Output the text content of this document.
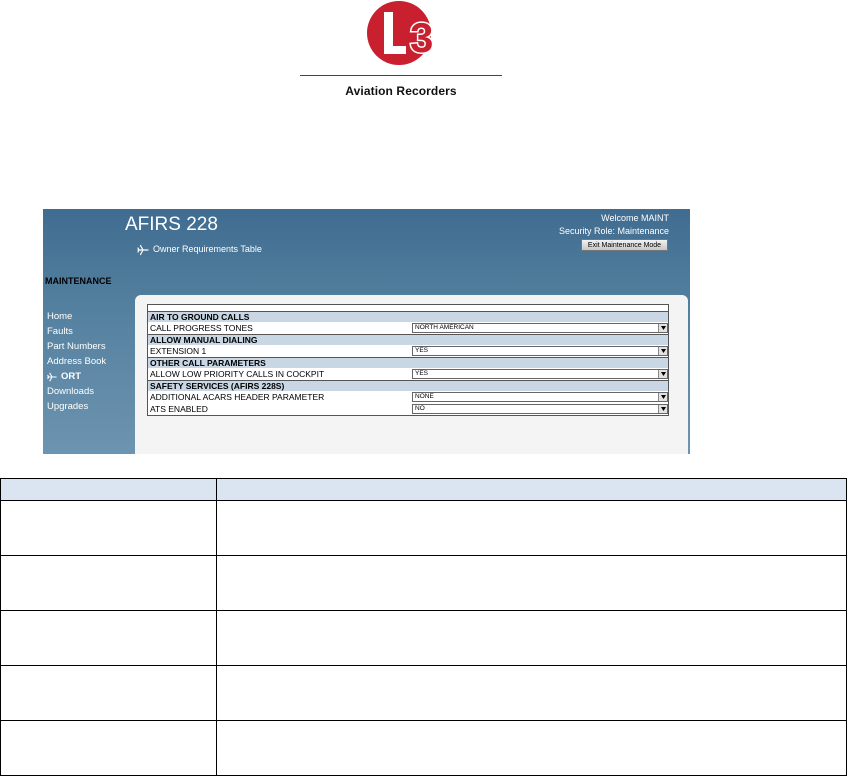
3
Aviation Recorders
AFIRS 228
Owner Requirements Table
Welcome MAINT
Security Role: Maintenance
Exit Maintenance Mode
MAINTENANCE
Home
Faults
Part Numbers
Address Book
ORT
Downloads
Upgrades
AIR TO GROUND CALLS
CALL PROGRESS TONES	NORTH AMERICAN
ALLOW MANUAL DIALING
EXTENSION 1	YES
OTHER CALL PARAMETERS
ALLOW LOW PRIORITY CALLS IN COCKPIT	YES
SAFETY SERVICES (AFIRS 228S)
ADDITIONAL ACARS HEADER PARAMETER	NONE
ATS ENABLED	NO
